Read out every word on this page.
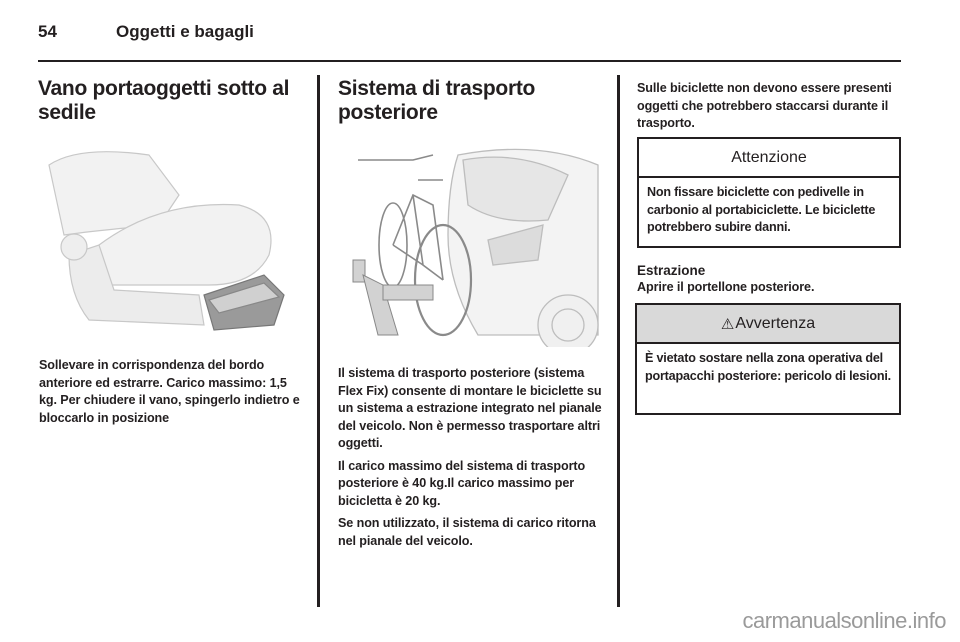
54	Oggetti e bagagli
Vano portaoggetti sotto al sedile

Sollevare in corrispondenza del bordo anteriore ed estrarre. Carico massimo: 1,5 kg. Per chiudere il vano, spingerlo indietro e bloccarlo in posizione

Sistema di trasporto posteriore

Il sistema di trasporto posteriore (sistema Flex Fix) consente di montare le biciclette su un sistema a estrazione integrato nel pianale del veicolo. Non è permesso trasportare altri oggetti.

Il carico massimo del sistema di trasporto posteriore è 40 kg.Il carico massimo per bicicletta è 20 kg.

Se non utilizzato, il sistema di carico ritorna nel pianale del veicolo.

Sulle biciclette non devono essere presenti oggetti che potrebbero staccarsi durante il trasporto.

Attenzione
Non fissare biciclette con pedivelle in carbonio al portabiciclette. Le biciclette potrebbero subire danni.
Estrazione

Aprire il portellone posteriore.

⚠ Avvertenza
È vietato sostare nella zona operativa del portapacchi posteriore: pericolo di lesioni.
carmanualsonline.info
